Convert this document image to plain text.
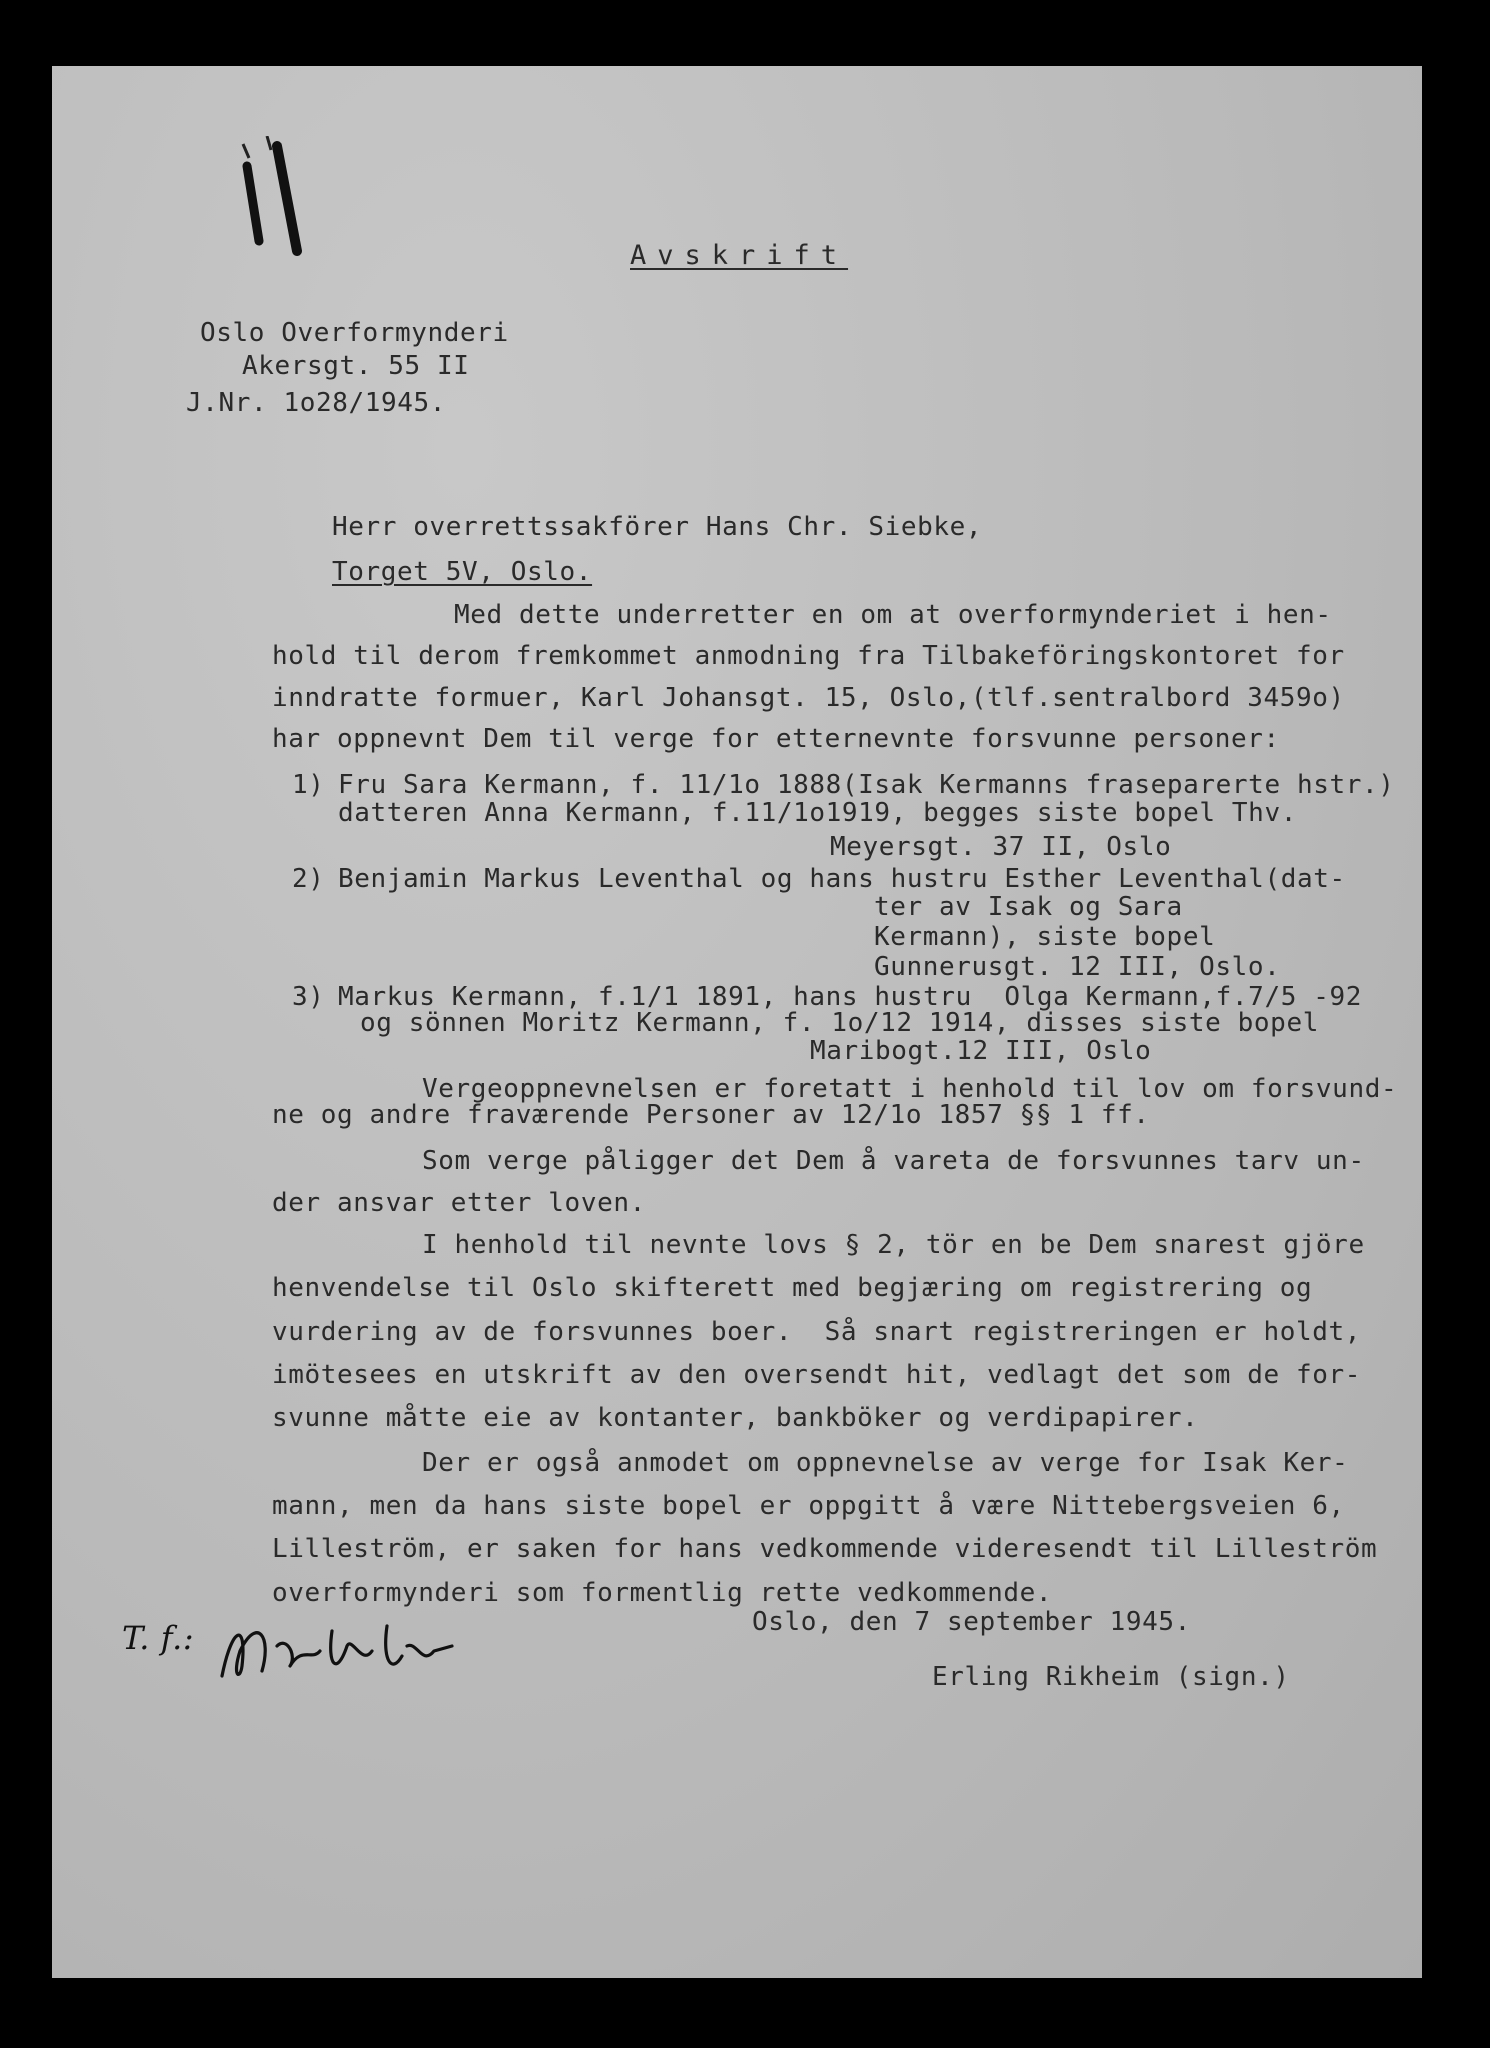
Avskrift
Oslo Overformynderi
Akersgt. 55 II
J.Nr. 1o28/1945.
Herr overrettssakförer Hans Chr. Siebke,
Torget 5V, Oslo.
Med dette underretter en om at overformynderiet i hen-
hold til derom fremkommet anmodning fra Tilbakeföringskontoret for
inndratte formuer, Karl Johansgt. 15, Oslo,(tlf.sentralbord 3459o)
har oppnevnt Dem til verge for etternevnte forsvunne personer:
1) Fru Sara Kermann, f. 11/1o 1888(Isak Kermanns fraseparerte hstr.)
datteren Anna Kermann, f.11/1o1919, begges siste bopel Thv.
Meyersgt. 37 II, Oslo
2) Benjamin Markus Leventhal og hans hustru Esther Leventhal(dat-
ter av Isak og Sara
Kermann), siste bopel
Gunnerusgt. 12 III, Oslo.
3) Markus Kermann, f.1/1 1891, hans hustru  Olga Kermann,f.7/5 -92
og sönnen Moritz Kermann, f. 1o/12 1914, disses siste bopel
Maribogt.12 III, Oslo
Vergeoppnevnelsen er foretatt i henhold til lov om forsvund-
ne og andre fraværende Personer av 12/1o 1857 §§ 1 ff.
Som verge påligger det Dem å vareta de forsvunnes tarv un-
der ansvar etter loven.
I henhold til nevnte lovs § 2, tör en be Dem snarest gjöre
henvendelse til Oslo skifterett med begjæring om registrering og
vurdering av de forsvunnes boer.  Så snart registreringen er holdt,
imötesees en utskrift av den oversendt hit, vedlagt det som de for-
svunne måtte eie av kontanter, bankböker og verdipapirer.
Der er også anmodet om oppnevnelse av verge for Isak Ker-
mann, men da hans siste bopel er oppgitt å være Nittebergsveien 6,
Lilleström, er saken for hans vedkommende videresendt til Lilleström
overformynderi som formentlig rette vedkommende.
Oslo, den 7 september 1945.
Erling Rikheim (sign.)
T. f.:
